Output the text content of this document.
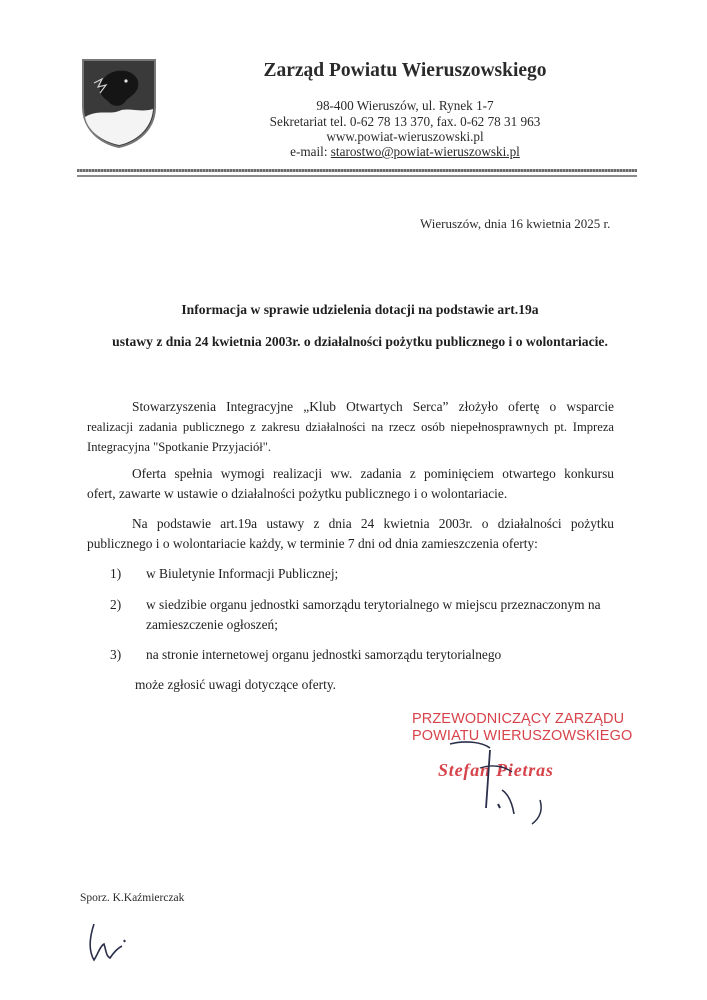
Zarząd Powiatu Wieruszowskiego
98-400 Wieruszów, ul. Rynek 1-7
Sekretariat tel. 0-62 78 13 370, fax. 0-62 78 31 963
www.powiat-wieruszowski.pl
e-mail: starostwo@powiat-wieruszowski.pl
Wieruszów, dnia 16 kwietnia 2025 r.
Informacja w sprawie udzielenia dotacji na podstawie art.19a
ustawy z dnia 24 kwietnia 2003r. o działalności pożytku publicznego i o wolontariacie.
Stowarzyszenia Integracyjne „Klub Otwartych Serca” złożyło ofertę o wsparcie
realizacji zadania publicznego z zakresu działalności na rzecz osób niepełnosprawnych pt. Impreza
Integracyjna "Spotkanie Przyjaciół".
Oferta spełnia wymogi realizacji ww. zadania z pominięciem otwartego konkursu
ofert, zawarte w ustawie o działalności pożytku publicznego i o wolontariacie.
Na podstawie art.19a ustawy z dnia 24 kwietnia 2003r. o działalności pożytku
publicznego i o wolontariacie każdy, w terminie 7 dni od dnia zamieszczenia oferty:
1) w Biuletynie Informacji Publicznej;
2) w siedzibie organu jednostki samorządu terytorialnego w miejscu przeznaczonym na
zamieszczenie ogłoszeń;
3) na stronie internetowej organu jednostki samorządu terytorialnego
może zgłosić uwagi dotyczące oferty.
PRZEWODNICZĄCY ZARZĄDU
POWIATU WIERUSZOWSKIEGO
Stefan Pietras
Sporz. K.Kaźmierczak
